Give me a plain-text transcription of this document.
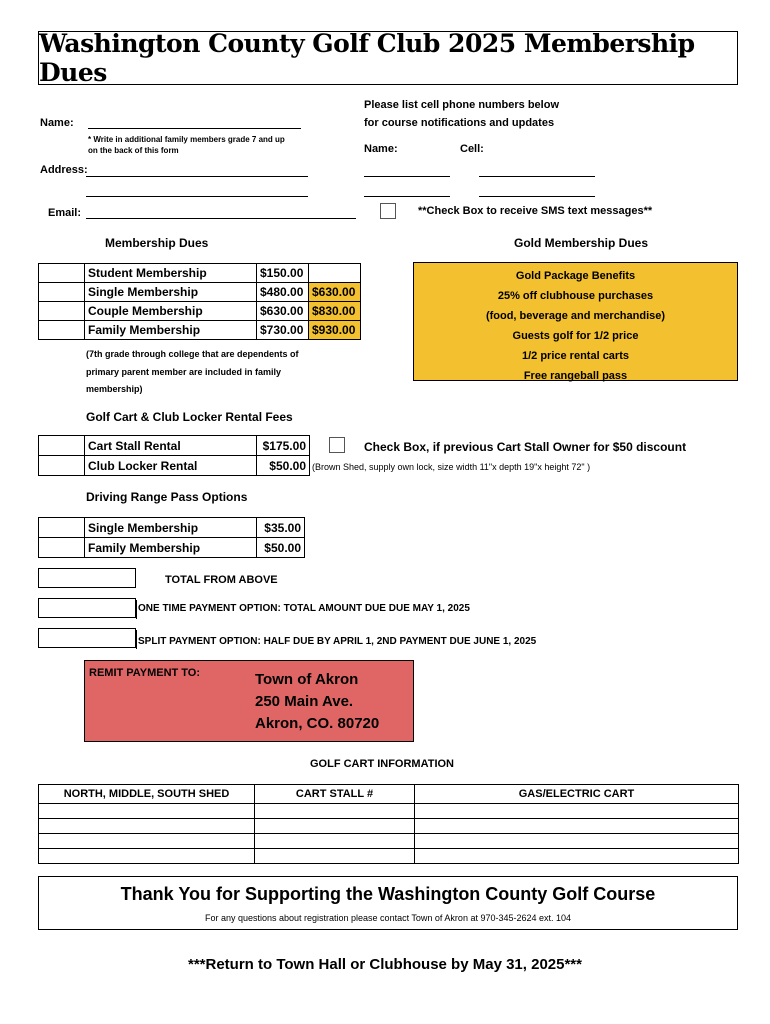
Washington County Golf Club 2025 Membership Dues
Name:
* Write in additional family members grade 7 and up
on the back of this form
Address:
Email:
Please list cell phone numbers below
for course notifications and updates
Name:	Cell:
**Check Box to receive SMS text messages**
Membership Dues	Gold Membership Dues
	Student Membership	$150.00	
	Single Membership	$480.00	$630.00
	Couple Membership	$630.00	$830.00
	Family Membership	$730.00	$930.00
Gold Package Benefits
25% off clubhouse purchases
(food, beverage and merchandise)
Guests golf for 1/2 price
1/2 price rental carts
Free rangeball pass
(7th grade through college that are dependents of
primary parent member are included in family
membership)
Golf Cart & Club Locker Rental Fees
	Cart Stall Rental	$175.00
	Club Locker Rental	$50.00
Check Box, if previous Cart Stall Owner for $50 discount
(Brown Shed, supply own lock, size width 11"x depth 19"x height 72" )
Driving Range Pass Options
	Single Membership	$35.00
	Family Membership	$50.00
TOTAL FROM ABOVE
ONE TIME PAYMENT OPTION: TOTAL AMOUNT DUE DUE MAY 1, 2025
SPLIT PAYMENT OPTION: HALF DUE BY APRIL 1, 2ND PAYMENT DUE JUNE 1, 2025
REMIT PAYMENT TO:	Town of Akron
250 Main Ave.
Akron, CO. 80720
GOLF CART INFORMATION
NORTH, MIDDLE, SOUTH SHED	CART STALL #	GAS/ELECTRIC CART

Thank You for Supporting the Washington County Golf Course
For any questions about registration please contact Town of Akron at 970-345-2624 ext. 104
***Return to Town Hall or Clubhouse by May 31, 2025***
